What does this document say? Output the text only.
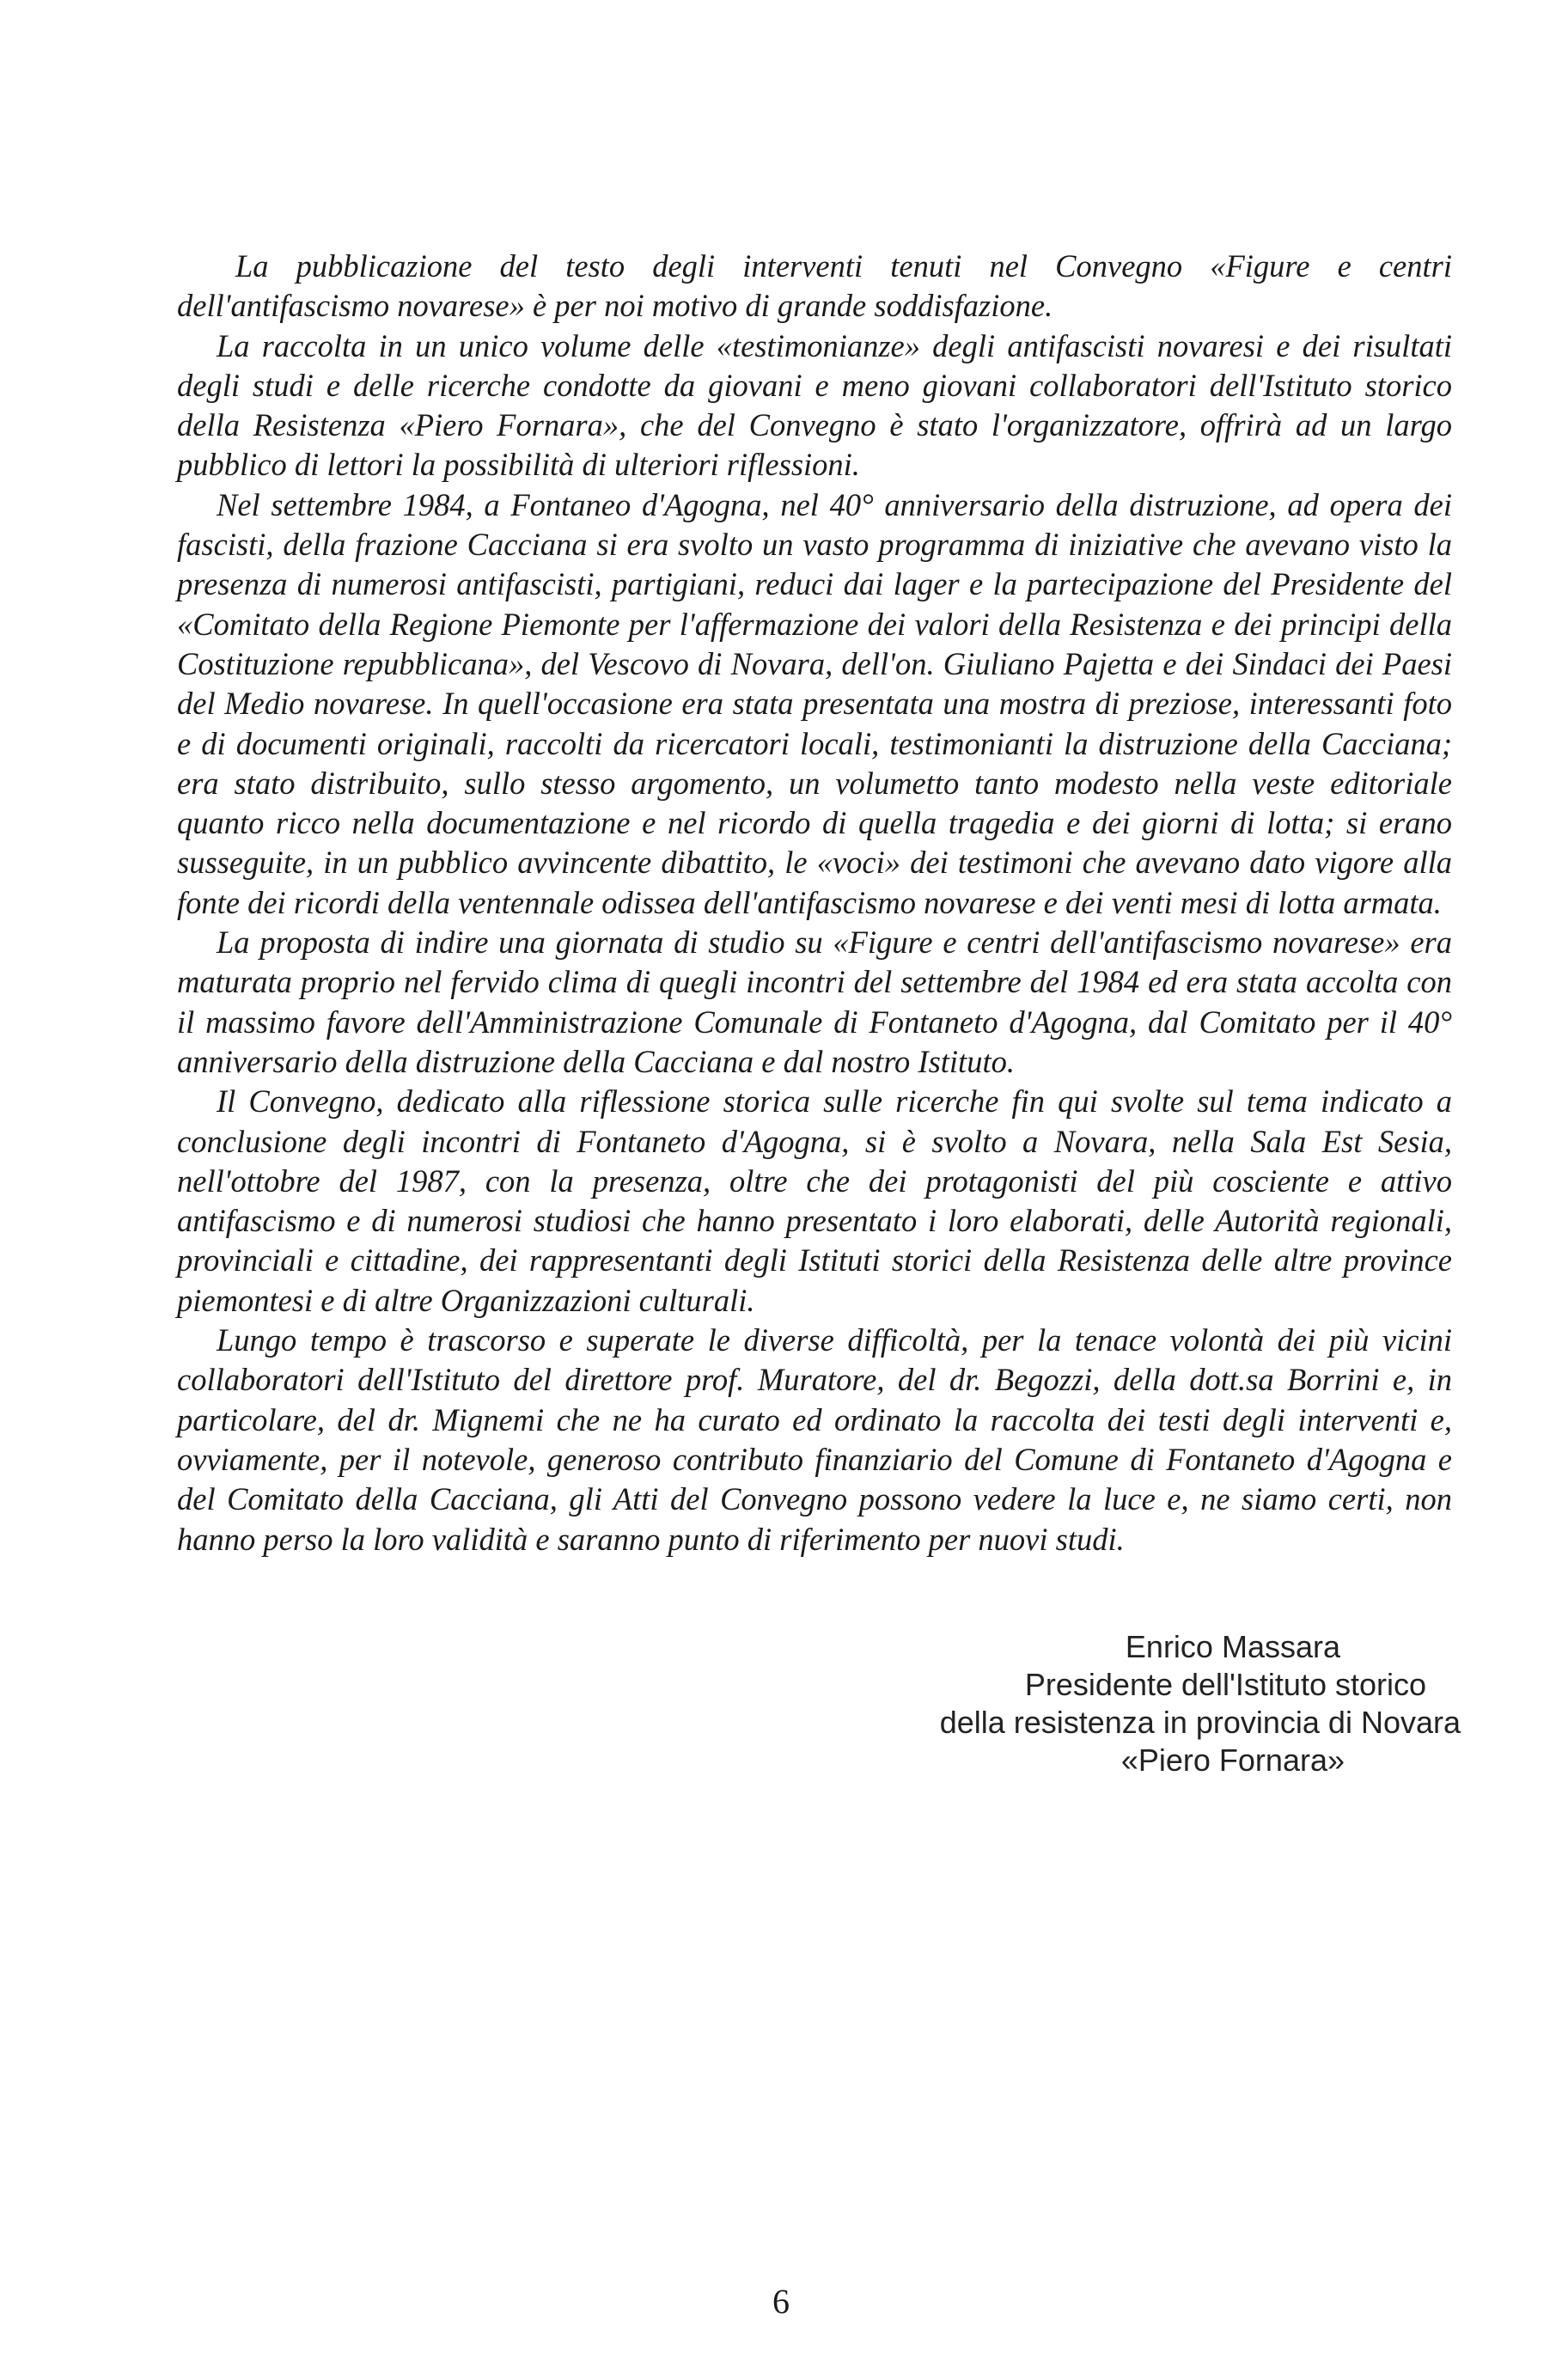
La pubblicazione del testo degli interventi tenuti nel Convegno «Figure e centri dell'antifascismo novarese» è per noi motivo di grande soddisfazione.

La raccolta in un unico volume delle «testimonianze» degli antifascisti novaresi e dei risultati degli studi e delle ricerche condotte da giovani e meno giovani collaboratori dell'Istituto storico della Resistenza «Piero Fornara», che del Convegno è stato l'organizzatore, offrirà ad un largo pubblico di lettori la possibilità di ulteriori riflessioni.

Nel settembre 1984, a Fontaneo d'Agogna, nel 40° anniversario della distruzione, ad opera dei fascisti, della frazione Cacciana si era svolto un vasto programma di iniziative che avevano visto la presenza di numerosi antifascisti, partigiani, reduci dai lager e la partecipazione del Presidente del «Comitato della Regione Piemonte per l'affermazione dei valori della Resistenza e dei principi della Costituzione repubblicana», del Vescovo di Novara, dell'on. Giuliano Pajetta e dei Sindaci dei Paesi del Medio novarese. In quell'occasione era stata presentata una mostra di preziose, interessanti foto e di documenti originali, raccolti da ricercatori locali, testimonianti la distruzione della Cacciana; era stato distribuito, sullo stesso argomento, un volumetto tanto modesto nella veste editoriale quanto ricco nella documentazione e nel ricordo di quella tragedia e dei giorni di lotta; si erano susseguite, in un pubblico avvincente dibattito, le «voci» dei testimoni che avevano dato vigore alla fonte dei ricordi della ventennale odissea dell'antifascismo novarese e dei venti mesi di lotta armata.

La proposta di indire una giornata di studio su «Figure e centri dell'antifascismo novarese» era maturata proprio nel fervido clima di quegli incontri del settembre del 1984 ed era stata accolta con il massimo favore dell'Amministrazione Comunale di Fontaneto d'Agogna, dal Comitato per il 40° anniversario della distruzione della Cacciana e dal nostro Istituto.

Il Convegno, dedicato alla riflessione storica sulle ricerche fin qui svolte sul tema indicato a conclusione degli incontri di Fontaneto d'Agogna, si è svolto a Novara, nella Sala Est Sesia, nell'ottobre del 1987, con la presenza, oltre che dei protagonisti del più cosciente e attivo antifascismo e di numerosi studiosi che hanno presentato i loro elaborati, delle Autorità regionali, provinciali e cittadine, dei rappresentanti degli Istituti storici della Resistenza delle altre province piemontesi e di altre Organizzazioni culturali.

Lungo tempo è trascorso e superate le diverse difficoltà, per la tenace volontà dei più vicini collaboratori dell'Istituto del direttore prof. Muratore, del dr. Begozzi, della dott.sa Borrini e, in particolare, del dr. Mignemi che ne ha curato ed ordinato la raccolta dei testi degli interventi e, ovviamente, per il notevole, generoso contributo finanziario del Comune di Fontaneto d'Agogna e del Comitato della Cacciana, gli Atti del Convegno possono vedere la luce e, ne siamo certi, non hanno perso la loro validità e saranno punto di riferimento per nuovi studi.

Enrico Massara
Presidente dell'Istituto storico
della resistenza in provincia di Novara
«Piero Fornara»
6
